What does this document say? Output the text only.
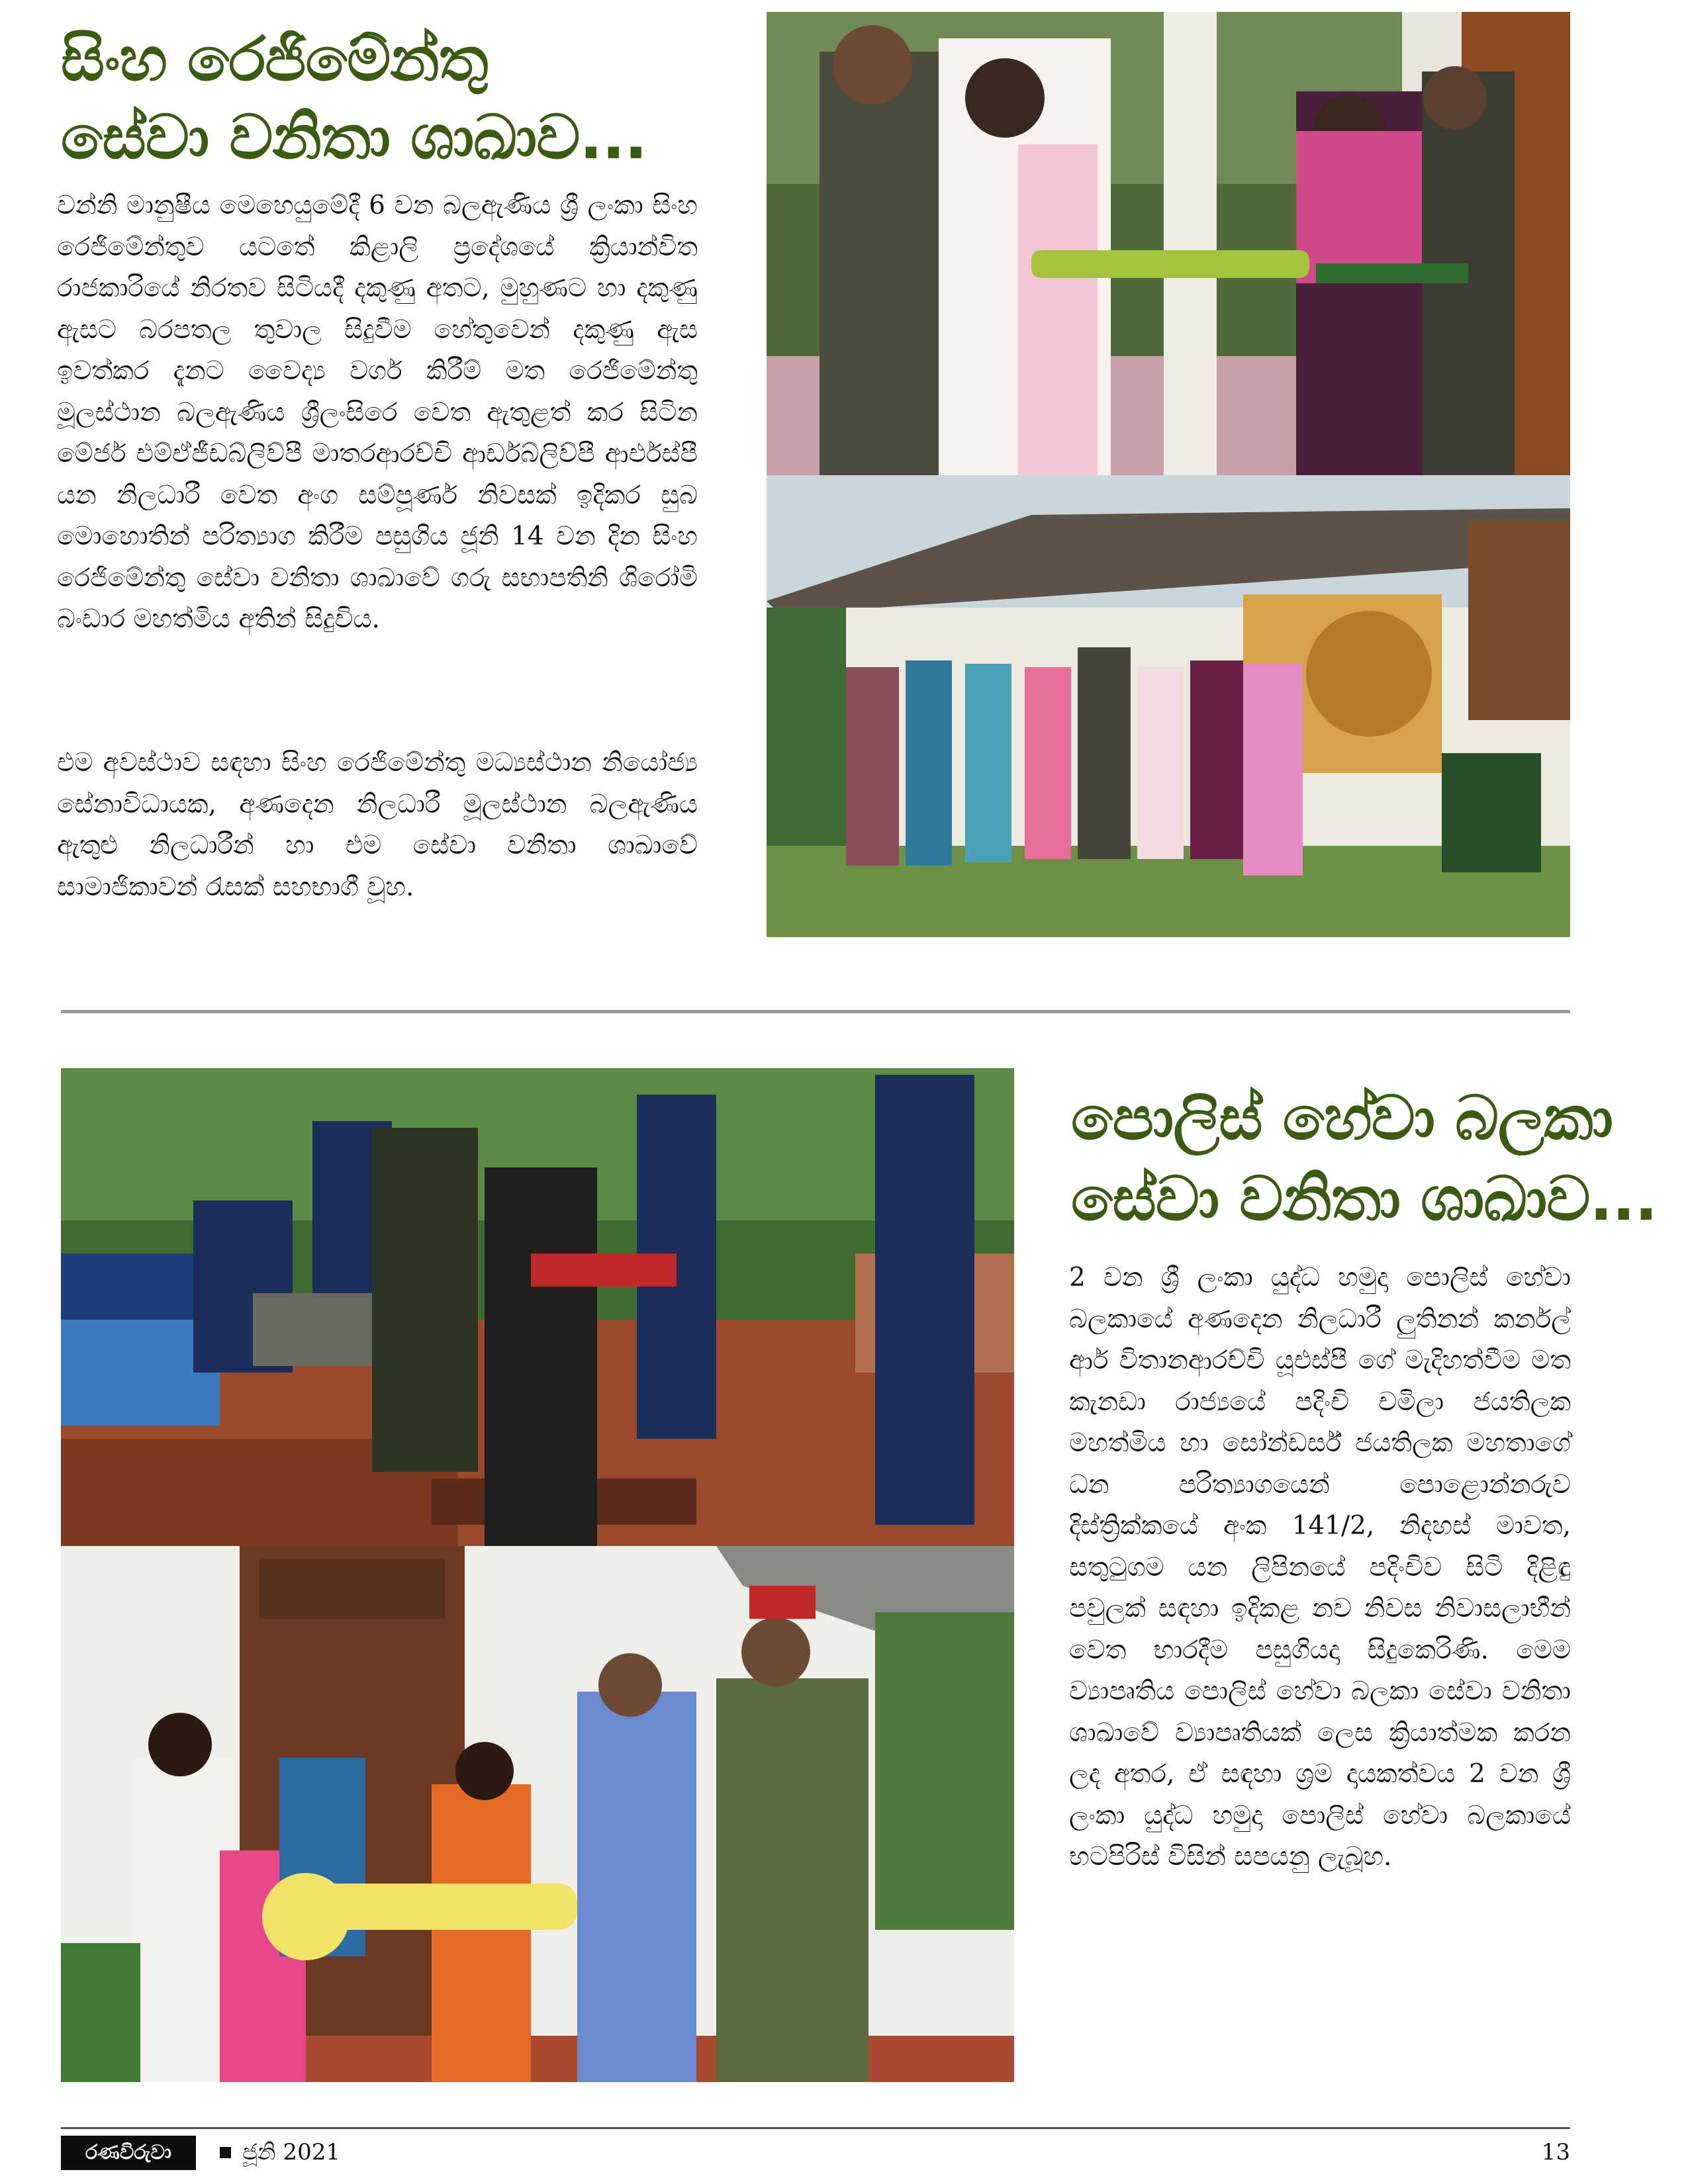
සිංහ රෙජිමේන්තු
සේවා වනිතා ශාඛාව...

වන්නි මානුෂීය මෙහෙයුමේදී 6 වන බලඇණිය ශ්‍රී ලංකා සිංහ රෙජිමේන්තුව යටතේ කිළාලි ප්‍රදේශයේ ක්‍රියාන්විත රාජකාරියේ නිරතව සිටියදී දකුණු අතට, මුහුණට හා දකුණු ඇසට බරපතල තුවාල සිදුවීම හේතුවෙන් දකුණු ඇස ඉවත්කර දැනට වෛද්‍ය වර්ග කිරීම් මත රෙජිමේන්තු මූලස්ථාන බලඇණිය ශ්‍රීලංසිරෙ වෙත ඇතුළත් කර සිටින මේජර් එම්ඒජීඩබ්ලිව්පී මාතරආරච්චි ආර්ඩබ්ලිව්පී ආර්එස්පී යන නිලධාරී වෙත අංග සම්පූර්ණ නිවසක් ඉදිකර සුබ මොහොතින් පරිත්‍යාග කිරීම පසුගිය ජූනි 14 වන දින සිංහ රෙජිමේන්තු සේවා වනිතා ශාඛාවේ ගරු සභාපතිනි ශිරෝමි බංඩාර මහත්මිය අතින් සිදුවිය.

එම අවස්ථාව සඳහා සිංහ රෙජිමේන්තු මධ්‍යස්ථාන නියෝජ්‍ය සේනාවිධායක, අණදෙන නිලධාරී මූලස්ථාන බලඇණිය ඇතුළු නිලධාරීන් හා එම සේවා වනිතා ශාඛාවේ සාමාජිකාවන් රැසක් සහභාගී වූහ.

පොලිස් හේවා බලකා
සේවා වනිතා ශාඛාව...

2 වන ශ්‍රී ලංකා යුද්ධ හමුදා පොලිස් හේවා බලකායේ අණදෙන නිලධාරී ලුතිනන් කර්නල් ආර් විතානආරච්චි යූඑස්පී ගේ මැදිහත්වීම මත කැනඩා රාජ්‍යයේ පදිංචි චමිලා ජයතිලක මහත්මිය හා සෝන්ඩර්ස් ජයතිලක මහතාගේ ධන පරිත්‍යාගයෙන් පොළොන්නරුව දිස්ත්‍රික්කයේ අංක 141/2, නිදහස් මාවත, සතුටුගම යන ලිපිනයේ පදිංචිව සිටි දිළිඳු පවුලක් සඳහා ඉදිකළ නව නිවස නිවාසලාභීන් වෙත භාරදීම පසුගියදා සිදුකෙරිණි. මෙම ව්‍යාපෘතිය පොලිස් හේවා බලකා සේවා වනිතා ශාඛාවේ ව්‍යාපෘතියක් ලෙස ක්‍රියාත්මක කරන ලද අතර, ඒ සඳහා ශ්‍රම දායකත්වය 2 වන ශ්‍රී ලංකා යුද්ධ හමුදා පොලිස් හේවා බලකායේ භටපිරිස් විසින් සපයනු ලැබූහ.

රණවිරුවා	ජූනි 2021	13
